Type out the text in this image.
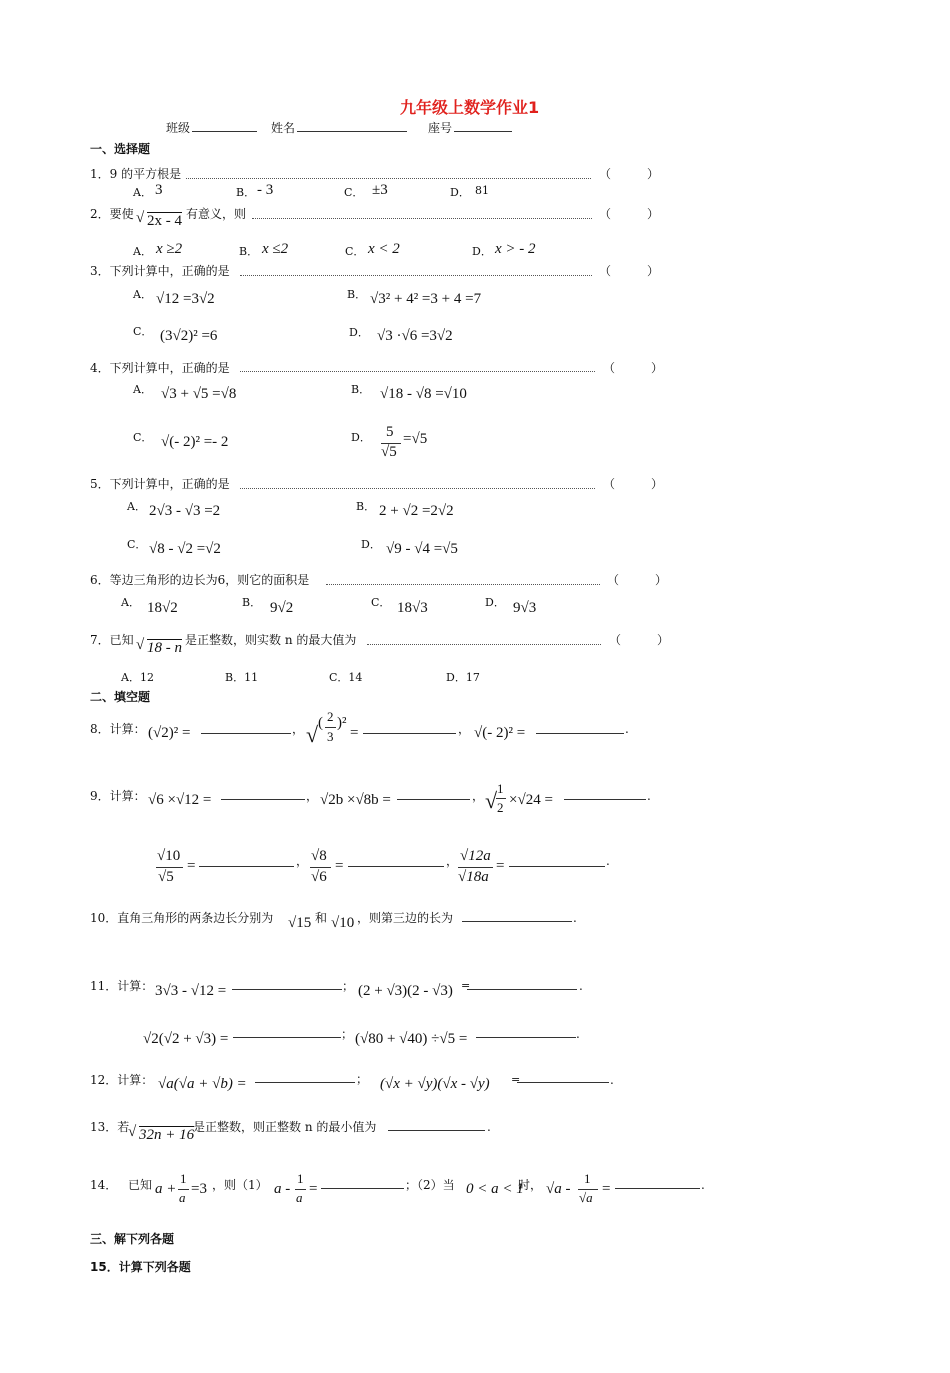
九年级上数学作业1
班级	姓名	座号
一、选择题
1．9 的平方根是	（　　　）
A． 3	B． - 3	C． ±3	D． 81
2．要使 √ 2x - 4 有意义，则	（　　　）
A． x ≥2	B． x ≤2	C． x < 2	D． x > - 2
3．下列计算中，正确的是	（　　　）
A． √12 =3√2	B． √3² + 4² =3 + 4 =7
C． (3√2)² =6	D． √3 ·√6 =3√2
4．下列计算中，正确的是	（　　　）
A． √3 + √5 =√8	B． √18 - √8 =√10
C． √(- 2)² =- 2	D． 5
√5
=√5
5．下列计算中，正确的是	（　　　）
A． 2√3 - √3 =2	B． 2 + √2 =2√2
C． √8 - √2 =√2	D． √9 - √4 =√5
6．等边三角形的边长为6，则它的面积是	（　　　）
A． 18√2	B． 9√2	C． 18√3	D． 9√3
7．已知 √ 18 - n 是正整数，则实数 n 的最大值为	（　　　）
A．12	B．11	C．14	D．17
二、填空题
8．计算： (√2)² =	， √ ( 2
3
)²
=	， √(- 2)² =	.
9．计算： √6 ×√12 =	， √2b ×√8b =	， √ 1
2 ×√24 =	.
√10
√5
=	， √8
√6
=	， √12a
√18a
=	.
10．直角三角形的两条边长分别为 √15 和 √10 ，则第三边的长为	.
11．计算： 3√3 - √12 =	； (2 + √3)(2 - √3) =	.
√2(√2 + √3) =	； (√80 + √40) ÷√5 =	.
12．计算： √a(√a + √b) =	； (√x + √y)(√x - √y) =	.
13．若
√ 32n + 16
是正整数，则正整数 n 的最小值为	.
14． 已知 a +
1
a
=3 ，则（1） a -
1
a
=	；（2）当 0 < a < 1
时， √a -
1
√a
=	.
三、解下列各题
15．计算下列各题
